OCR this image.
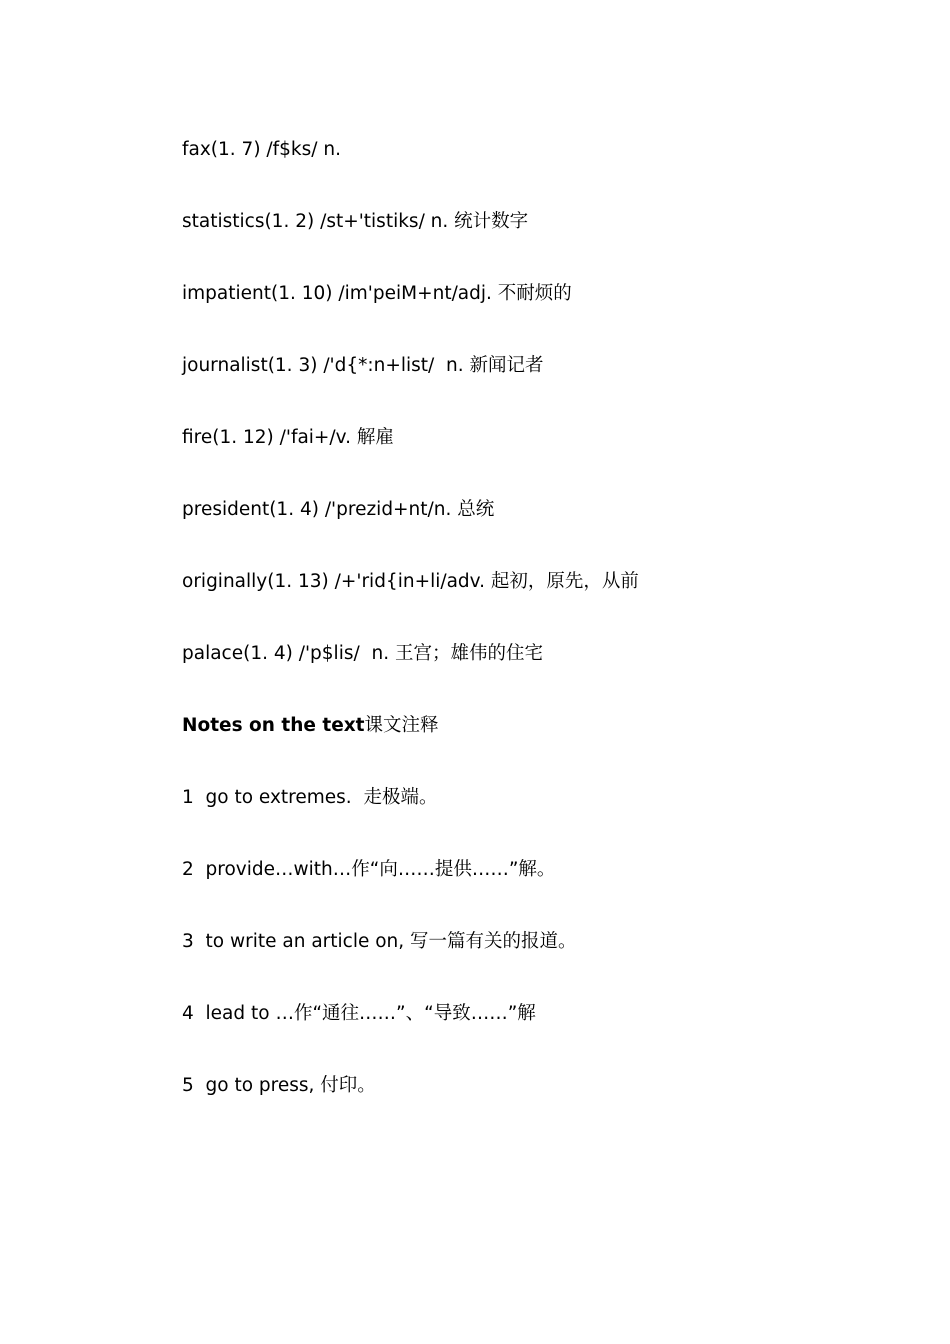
fax(1. 7) /f$ks/ n.
statistics(1. 2) /st+'tistiks/ n. 统计数字
impatient(1. 10) /im'peiM+nt/adj. 不耐烦的
journalist(1. 3) /'d{*:n+list/  n. 新闻记者
fire(1. 12) /'fai+/v. 解雇
president(1. 4) /'prezid+nt/n. 总统
originally(1. 13) /+'rid{in+li/adv. 起初，原先，从前
palace(1. 4) /'p$lis/  n. 王宫；雄伟的住宅
Notes on the text课文注释
1  go to extremes.  走极端。
2  provide…with…作“向……提供……”解。
3  to write an article on, 写一篇有关的报道。
4  lead to …作“通往……”、“导致……”解
5  go to press, 付印。
